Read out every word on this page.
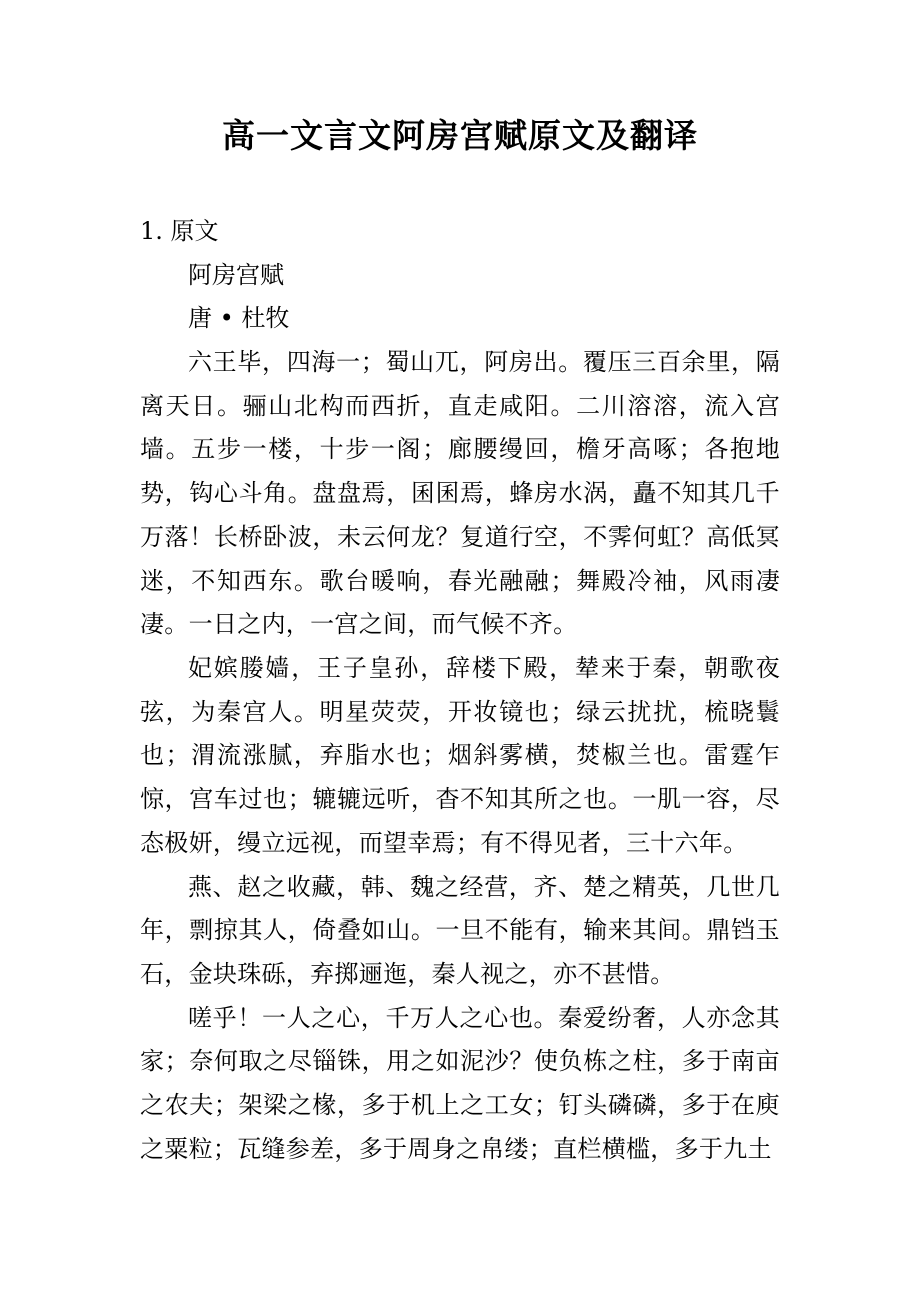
高一文言文阿房宫赋原文及翻译

1. 原文

阿房宫赋

唐 • 杜牧

六王毕，四海一；蜀山兀，阿房出。覆压三百余里，隔离天日。骊山北构而西折，直走咸阳。二川溶溶，流入宫墙。五步一楼，十步一阁；廊腰缦回，檐牙高啄；各抱地势，钩心斗角。盘盘焉，囷囷焉，蜂房水涡，矗不知其几千万落！长桥卧波，未云何龙？复道行空，不霁何虹？高低冥迷，不知西东。歌台暖响，春光融融；舞殿冷袖，风雨凄凄。一日之内，一宫之间，而气候不齐。

妃嫔媵嫱，王子皇孙，辞楼下殿，辇来于秦，朝歌夜弦，为秦宫人。明星荧荧，开妆镜也；绿云扰扰，梳晓鬟也；渭流涨腻，弃脂水也；烟斜雾横，焚椒兰也。雷霆乍惊，宫车过也；辘辘远听，杳不知其所之也。一肌一容，尽态极妍，缦立远视，而望幸焉；有不得见者，三十六年。

燕、赵之收藏，韩、魏之经营，齐、楚之精英，几世几年，剽掠其人，倚叠如山。一旦不能有，输来其间。鼎铛玉石，金块珠砾，弃掷逦迤，秦人视之，亦不甚惜。

嗟乎！一人之心，千万人之心也。秦爱纷奢，人亦念其家；奈何取之尽锱铢，用之如泥沙？使负栋之柱，多于南亩之农夫；架梁之椽，多于机上之工女；钉头磷磷，多于在庾之粟粒；瓦缝参差，多于周身之帛缕；直栏横槛，多于九土
